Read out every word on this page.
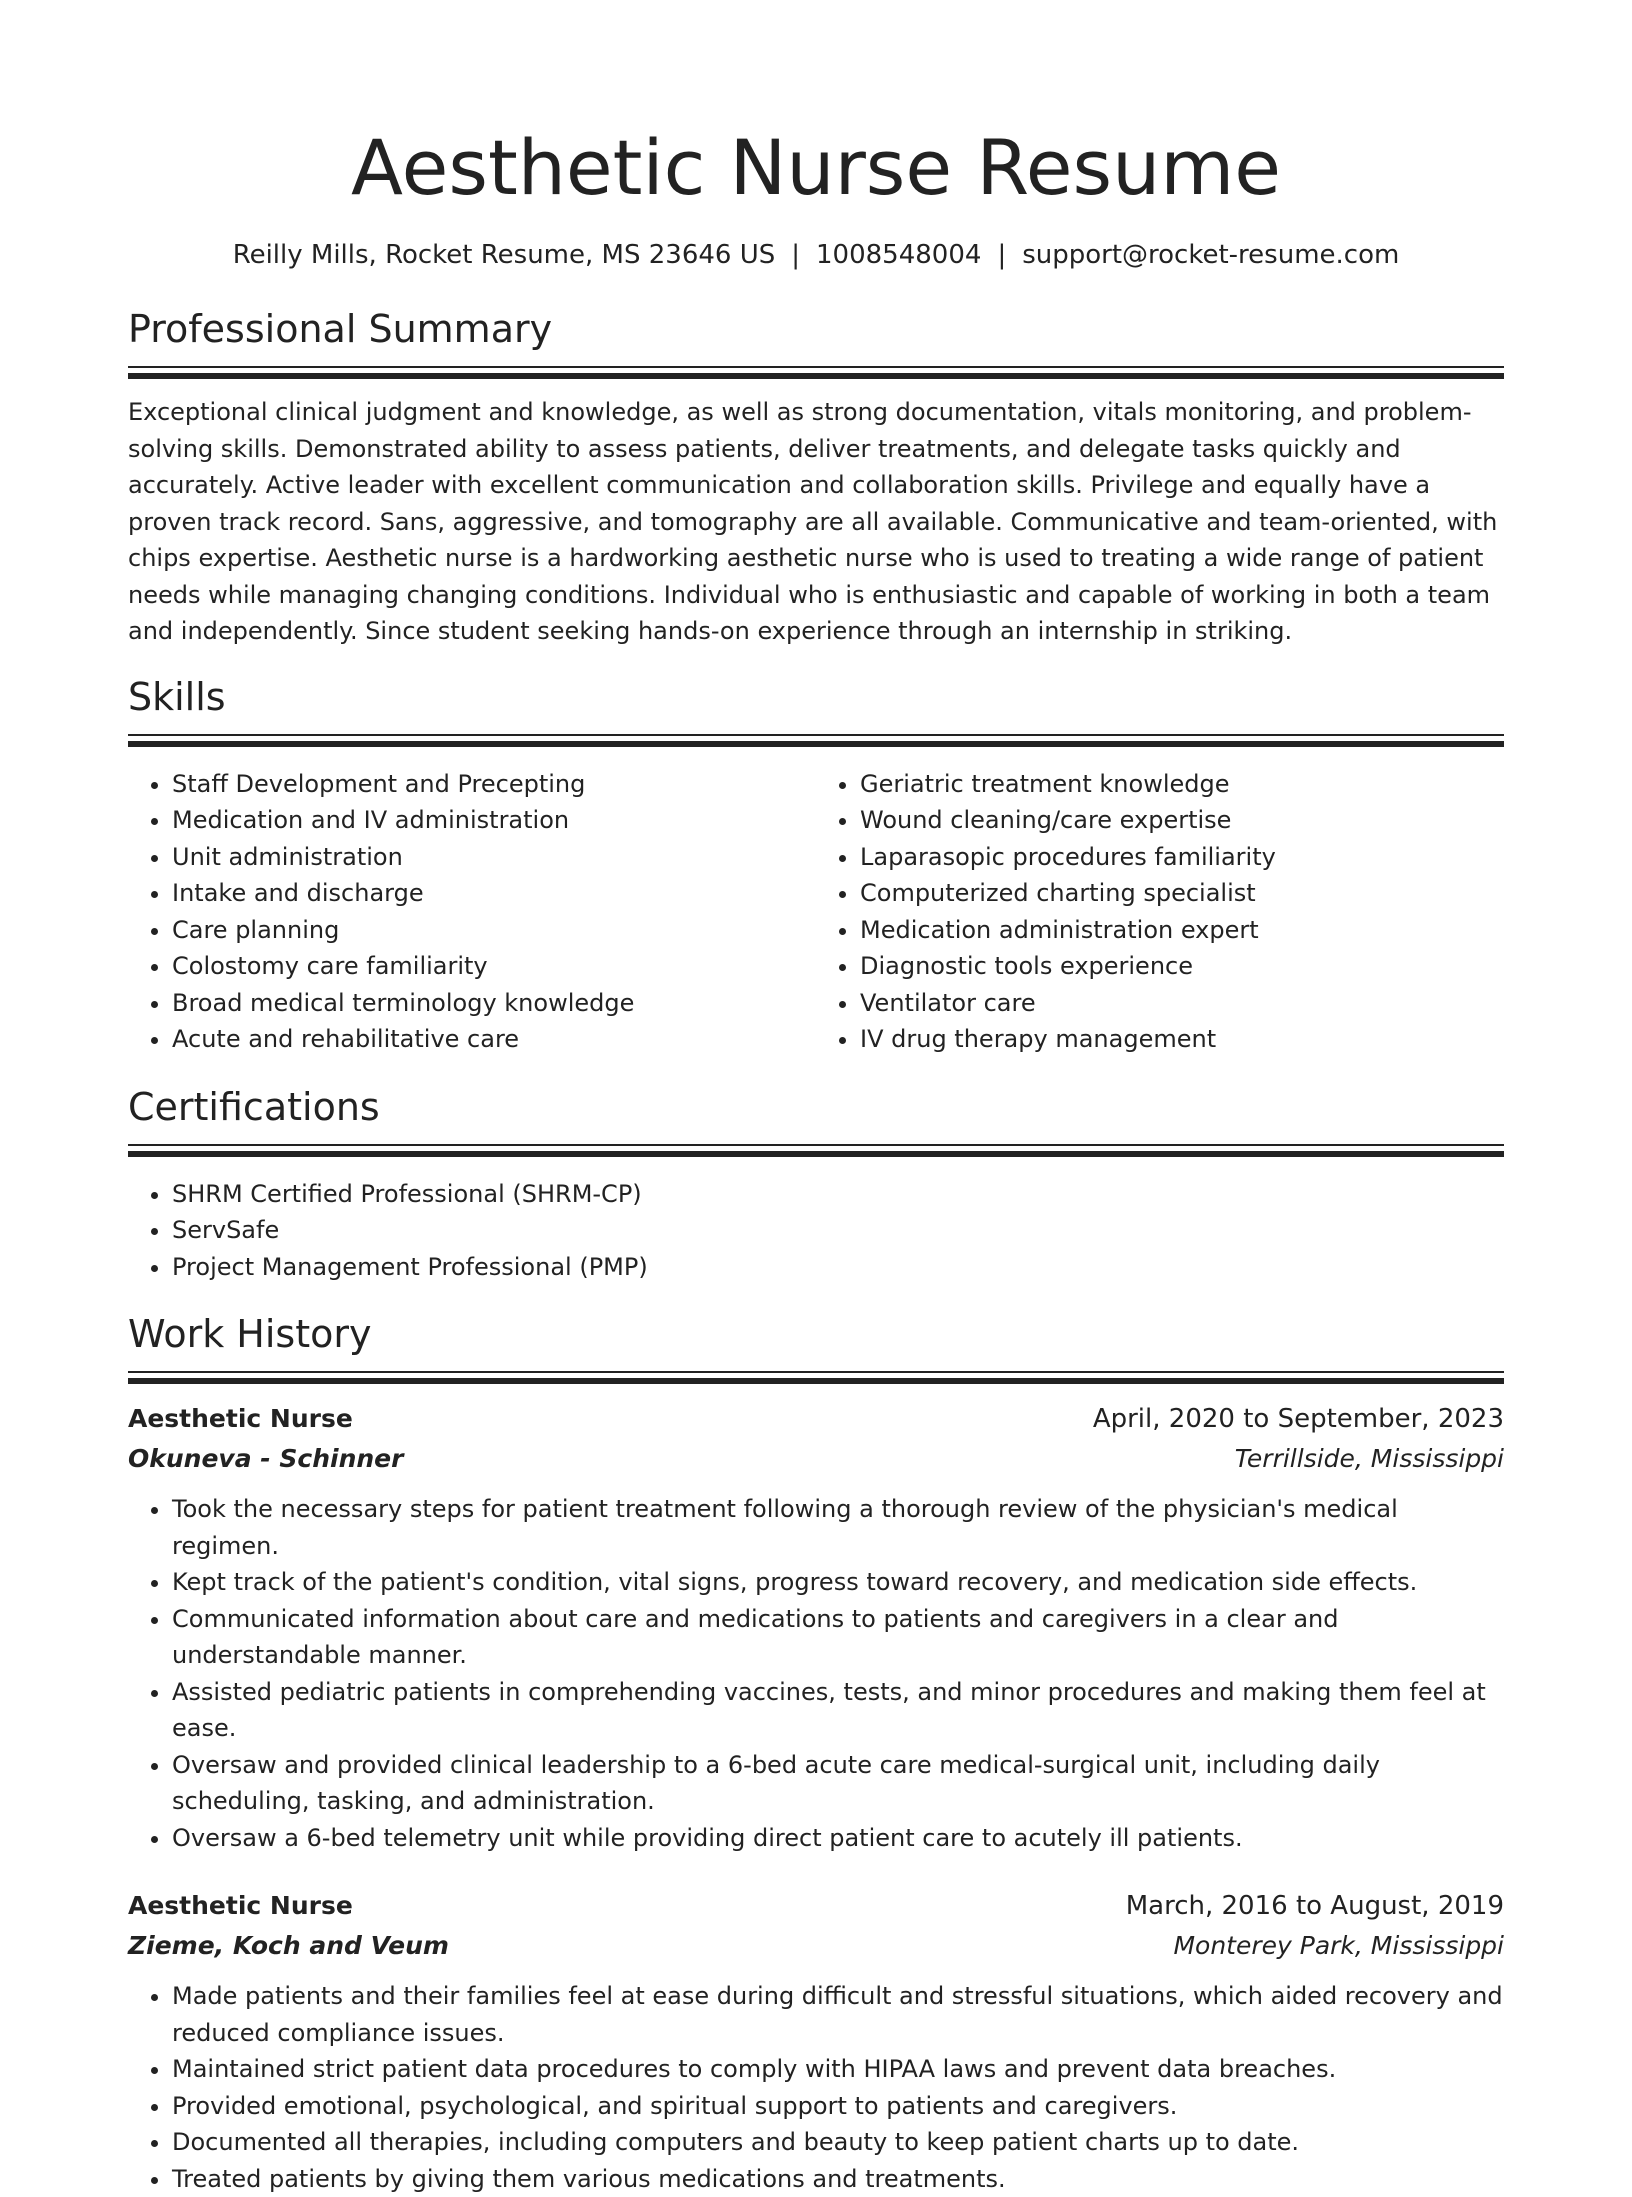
Aesthetic Nurse Resume
Reilly Mills, Rocket Resume, MS 23646 US | 1008548004 | support@rocket-resume.com
Professional Summary

Exceptional clinical judgment and knowledge, as well as strong documentation, vitals monitoring, and problem-solving skills. Demonstrated ability to assess patients, deliver treatments, and delegate tasks quickly and accurately. Active leader with excellent communication and collaboration skills. Privilege and equally have a proven track record. Sans, aggressive, and tomography are all available. Communicative and team-oriented, with chips expertise. Aesthetic nurse is a hardworking aesthetic nurse who is used to treating a wide range of patient needs while managing changing conditions. Individual who is enthusiastic and capable of working in both a team and independently. Since student seeking hands-on experience through an internship in striking.

Skills
• Staff Development and Precepting
• Medication and IV administration
• Unit administration
• Intake and discharge
• Care planning
• Colostomy care familiarity
• Broad medical terminology knowledge
• Acute and rehabilitative care
• Geriatric treatment knowledge
• Wound cleaning/care expertise
• Laparasopic procedures familiarity
• Computerized charting specialist
• Medication administration expert
• Diagnostic tools experience
• Ventilator care
• IV drug therapy management
Certifications
• SHRM Certified Professional (SHRM-CP)
• ServSafe
• Project Management Professional (PMP)
Work History
Aesthetic Nurse	April, 2020 to September, 2023
Okuneva - Schinner	Terrillside, Mississippi
• Took the necessary steps for patient treatment following a thorough review of the physician's medical regimen.
• Kept track of the patient's condition, vital signs, progress toward recovery, and medication side effects.
• Communicated information about care and medications to patients and caregivers in a clear and understandable manner.
• Assisted pediatric patients in comprehending vaccines, tests, and minor procedures and making them feel at ease.
• Oversaw and provided clinical leadership to a 6-bed acute care medical-surgical unit, including daily scheduling, tasking, and administration.
• Oversaw a 6-bed telemetry unit while providing direct patient care to acutely ill patients.
Aesthetic Nurse	March, 2016 to August, 2019
Zieme, Koch and Veum	Monterey Park, Mississippi
• Made patients and their families feel at ease during difficult and stressful situations, which aided recovery and reduced compliance issues.
• Maintained strict patient data procedures to comply with HIPAA laws and prevent data breaches.
• Provided emotional, psychological, and spiritual support to patients and caregivers.
• Documented all therapies, including computers and beauty to keep patient charts up to date.
• Treated patients by giving them various medications and treatments.
